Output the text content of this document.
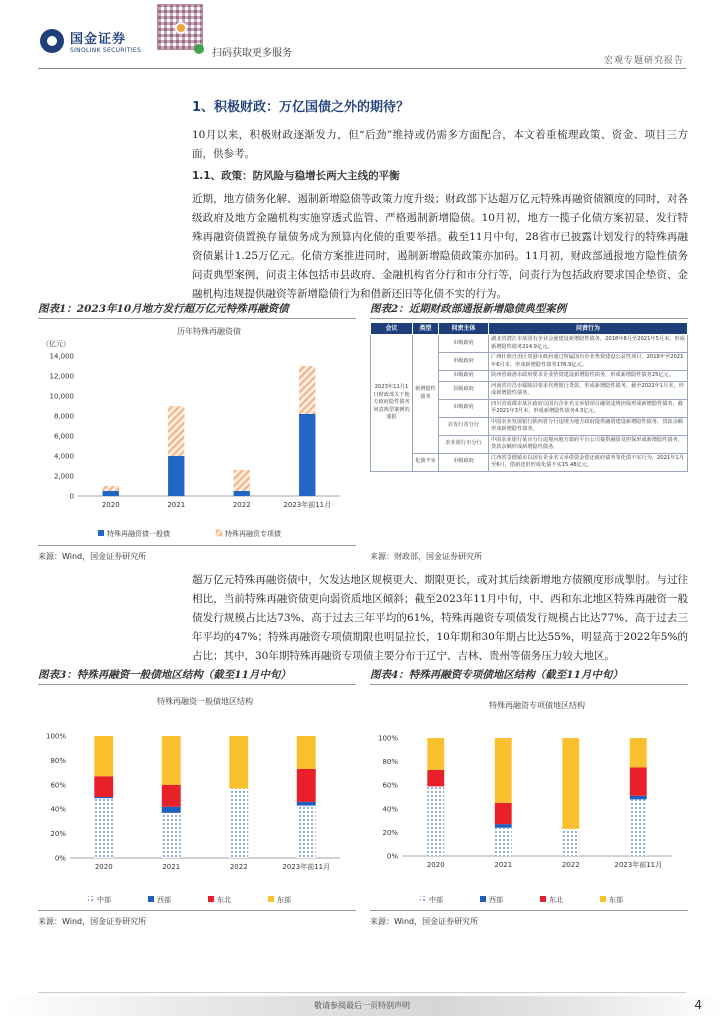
国金证券
SINOLINK SECURITIES	扫码获取更多服务
宏观专题研究报告
1、积极财政：万亿国债之外的期待？
10月以来，积极财政逐渐发力，但“后劲”维持或仍需多方面配合，本文着重梳理政策、资金、项目三方面，供参考。
1.1、政策：防风险与稳增长两大主线的平衡
近期，地方债务化解、遏制新增隐债等政策力度升级；财政部下达超万亿元特殊再融资债额度的同时，对各级政府及地方金融机构实施穿透式监管、严格遏制新增隐债。10月初，地方一揽子化债方案初显，发行特殊再融资债置换存量债务成为预算内化债的重要举措。截至11月中旬，28省市已披露计划发行的特殊再融资债累计1.25万亿元。化债方案推进同时，遏制新增隐债政策亦加码。11月初，财政部通报地方隐性债务问责典型案例，问责主体包括市县政府、金融机构省分行和市分行等，问责行为包括政府要求国企垫资、金融机构违规提供融资等新增隐债行为和借新还旧等化债不实的行为。
图表1：2023年10月地方发行超万亿元特殊再融资债	图表2：近期财政部通报新增隐债典型案例
历年特殊再融资债
（亿元）
0
2,000
4,000
6,000
8,000
10,000
12,000
14,000
2020	2021	2022	2023年前11月
特殊再融资债一般债	特殊再融资专项债
来源：Wind，国金证券研究所
会议	类型	问责主体	问责行为
2023年11月1日财政部关于地方政府隐性债务问责典型案例的通报	新增隐性债务	市级政府	湖北省潜江市某国有企业会使建设新增隐性债务，2018年8月至2021年5月末，形成新增隐性债务214.9亿元。
		市级政府	广西壮族自治区贵港市政府通过所属国有企业垫资建设公益性项目，2018年至2021年6月末，形成新增隐性债务176.9亿元。
		市级政府	陕西省商洛市政府要求企业垫资建设新增隐性债务，形成新增隐性债务25亿元。
		县级政府	河南省许昌市鄢陵县要求代理银行贷款，形成新增隐性债务，截至2022年1月末，形成新增隐性债务。
		市级政府	四川省成都市某区政府以国有企业名义举借项目融资违规担保形成新增隐性债务，截至2021年3月末，形成新增隐性债务4.3亿元。
		农发行省分行	中国农业发展银行陕西省分行违规为地方政府提供融资建设新增隐性债务，贷款余额形成新增隐性债务。
		农业银行市分行	中国农业银行某市分行违规向地方政府平台公司提供融资及担保形成新增隐性债务，贷款余额形成新增隐性债务。
	化债不实	市级政府	江西省景德镇市以国有企业名义举借资金偿还政府债务等化债不实行为，2021年1月至6月，借新还旧形成化债不实15.48亿元。
来源：财政部，国金证券研究所
超万亿元特殊再融资债中，欠发达地区规模更大、期限更长，或对其后续新增地方债额度形成掣肘。与过往相比，当前特殊再融资债更向弱资质地区倾斜；截至2023年11月中旬，中、西和东北地区特殊再融资一般债发行规模占比达73%、高于过去三年平均的61%，特殊再融资专项债发行规模占比达77%、高于过去三年平均的47%；特殊再融资专项债期限也明显拉长，10年期和30年期占比达55%，明显高于2022年5%的占比；其中，30年期特殊再融资专项债主要分布于辽宁、吉林、贵州等债务压力较大地区。
图表3：特殊再融资一般债地区结构（截至11月中旬）	图表4：特殊再融资专项债地区结构（截至11月中旬）
特殊再融资一般债地区结构
0%
20%
40%
60%
80%
100%
2020	2021	2022	2023年前11月
中部	西部	东北	东部
特殊再融资专项债地区结构
0%
20%
40%
60%
80%
100%
2020	2021	2022	2023年前11月
中部	西部	东北	东部
来源：Wind，国金证券研究所	来源：Wind，国金证券研究所
敬请参阅最后一页特别声明	4
